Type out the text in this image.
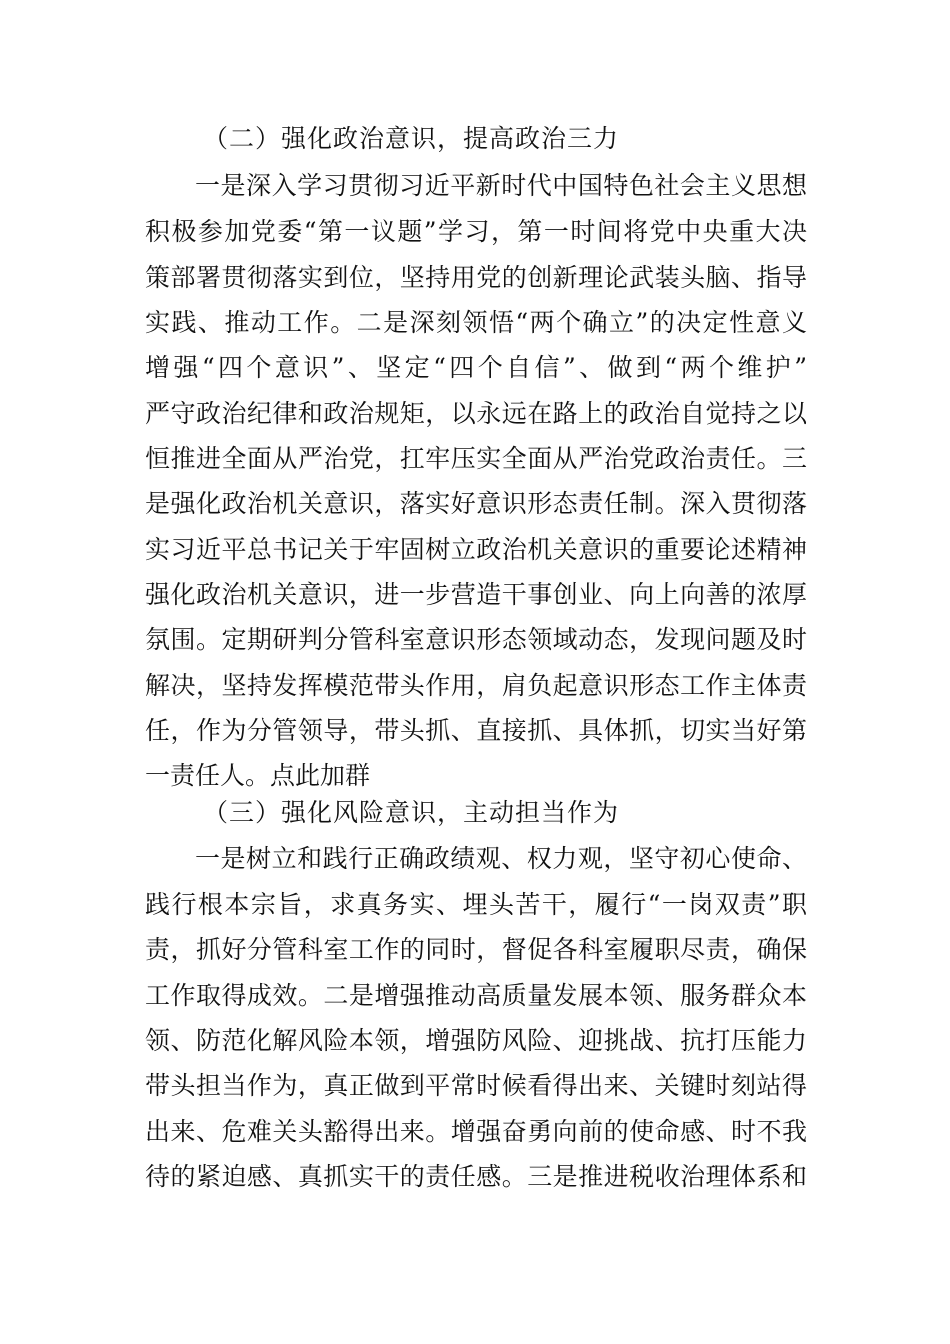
（二）强化政治意识，提高政治三力
一是深入学习贯彻习近平新时代中国特色社会主义思想
积极参加党委“第一议题”学习，第一时间将党中央重大决
策部署贯彻落实到位，坚持用党的创新理论武装头脑、指导
实践、推动工作。二是深刻领悟“两个确立”的决定性意义
增强“四个意识”、坚定“四个自信”、做到“两个维护”
严守政治纪律和政治规矩，以永远在路上的政治自觉持之以
恒推进全面从严治党，扛牢压实全面从严治党政治责任。三
是强化政治机关意识，落实好意识形态责任制。深入贯彻落
实习近平总书记关于牢固树立政治机关意识的重要论述精神
强化政治机关意识，进一步营造干事创业、向上向善的浓厚
氛围。定期研判分管科室意识形态领域动态，发现问题及时
解决，坚持发挥模范带头作用，肩负起意识形态工作主体责
任，作为分管领导，带头抓、直接抓、具体抓，切实当好第
一责任人。点此加群
（三）强化风险意识，主动担当作为
一是树立和践行正确政绩观、权力观，坚守初心使命、
践行根本宗旨，求真务实、埋头苦干，履行“一岗双责”职
责，抓好分管科室工作的同时，督促各科室履职尽责，确保
工作取得成效。二是增强推动高质量发展本领、服务群众本
领、防范化解风险本领，增强防风险、迎挑战、抗打压能力
带头担当作为，真正做到平常时候看得出来、关键时刻站得
出来、危难关头豁得出来。增强奋勇向前的使命感、时不我
待的紧迫感、真抓实干的责任感。三是推进税收治理体系和
